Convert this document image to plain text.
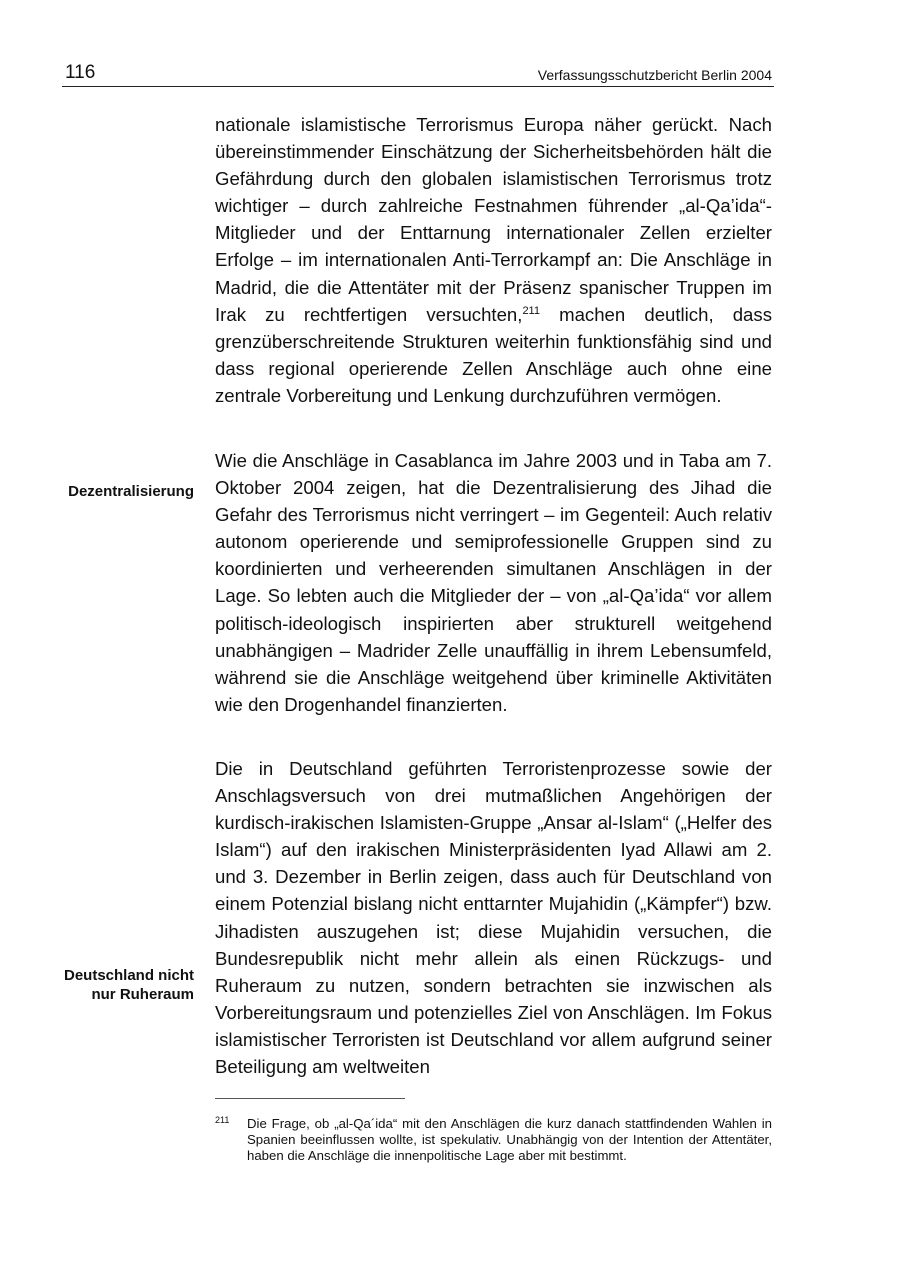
116	Verfassungsschutzbericht Berlin 2004

nationale islamistische Terrorismus Europa näher gerückt. Nach übereinstimmender Einschätzung der Sicherheitsbehörden hält die Gefährdung durch den globalen islamistischen Terrorismus trotz wichtiger – durch zahlreiche Festnahmen führender „al-Qa’ida“-Mitglieder und der Enttarnung internationaler Zellen erzielter Erfolge – im internationalen Anti-Terrorkampf an: Die Anschläge in Madrid, die die Attentäter mit der Präsenz spanischer Truppen im Irak zu rechtfertigen versuchten,$^{211}$ machen deutlich, dass grenzüberschreitende Strukturen weiterhin funktionsfähig sind und dass regional operierende Zellen Anschläge auch ohne eine zentrale Vorbereitung und Lenkung durchzuführen vermögen.

Dezentralisierung

Wie die Anschläge in Casablanca im Jahre 2003 und in Taba am 7. Oktober 2004 zeigen, hat die Dezentralisierung des Jihad die Gefahr des Terrorismus nicht verringert – im Gegenteil: Auch relativ autonom operierende und semiprofessionelle Gruppen sind zu koordinierten und verheerenden simultanen Anschlägen in der Lage. So lebten auch die Mitglieder der – von „al-Qa’ida“ vor allem politisch-ideologisch inspirierten aber strukturell weitgehend unabhängigen – Madrider Zelle unauffällig in ihrem Lebensumfeld, während sie die Anschläge weitgehend über kriminelle Aktivitäten wie den Drogenhandel finanzierten.

Deutschland nicht
nur Ruheraum

Die in Deutschland geführten Terroristenprozesse sowie der Anschlagsversuch von drei mutmaßlichen Angehörigen der kurdisch-irakischen Islamisten-Gruppe „Ansar al-Islam“ („Helfer des Islam“) auf den irakischen Ministerpräsidenten Iyad Allawi am 2. und 3. Dezember in Berlin zeigen, dass auch für Deutschland von einem Potenzial bislang nicht enttarnter Mujahidin („Kämpfer“) bzw. Jihadisten auszugehen ist; diese Mujahidin versuchen, die Bundesrepublik nicht mehr allein als einen Rückzugs- und Ruheraum zu nutzen, sondern betrachten sie inzwischen als Vorbereitungsraum und potenzielles Ziel von Anschlägen. Im Fokus islamistischer Terroristen ist Deutschland vor allem aufgrund seiner Beteiligung am weltweiten

211 Die Frage, ob „al-Qa´ida“ mit den Anschlägen die kurz danach stattfindenden Wahlen in Spanien beeinflussen wollte, ist spekulativ. Unabhängig von der Intention der Attentäter, haben die Anschläge die innenpolitische Lage aber mit bestimmt.
